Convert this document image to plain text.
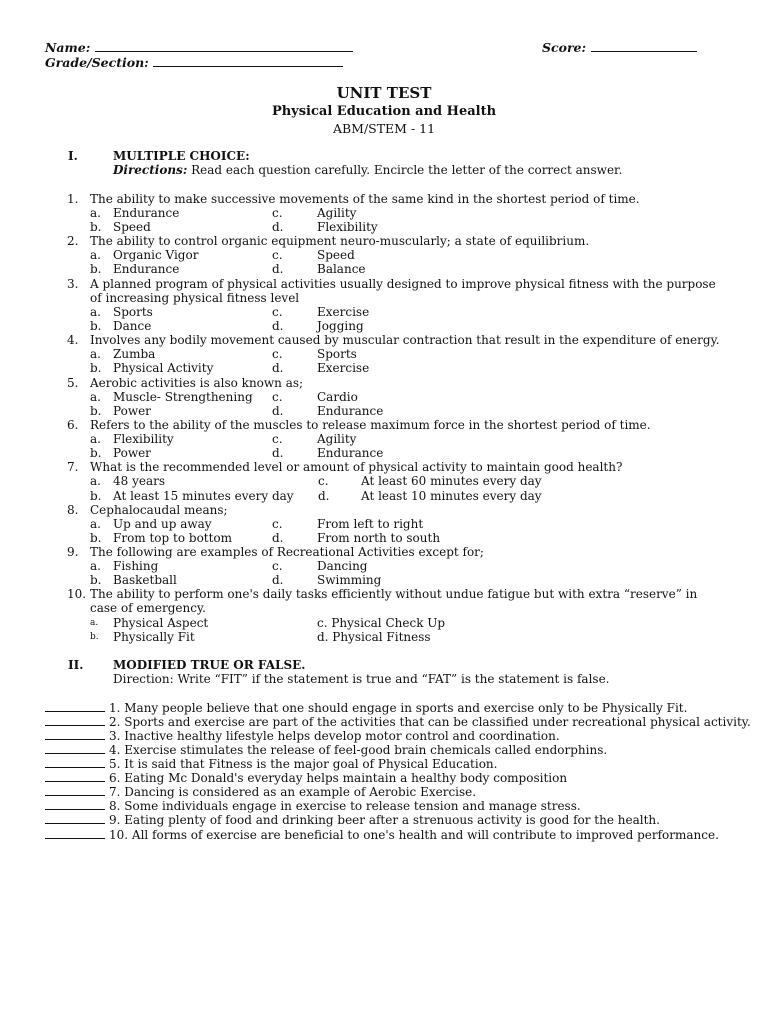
Name:	Score:
Grade/Section:
UNIT TEST
Physical Education and Health
ABM/STEM - 11
I.	MULTIPLE CHOICE:
Directions: Read each question carefully. Encircle the letter of the correct answer.
1. The ability to make successive movements of the same kind in the shortest period of time.
a. Endurance	c.	Agility
b. Speed	d.	Flexibility
2. The ability to control organic equipment neuro-muscularly; a state of equilibrium.
a. Organic Vigor	c.	Speed
b. Endurance	d.	Balance
3. A planned program of physical activities usually designed to improve physical fitness with the purpose of increasing physical fitness level
a. Sports	c.	Exercise
b. Dance	d.	Jogging
4. Involves any bodily movement caused by muscular contraction that result in the expenditure of energy.
a. Zumba	c.	Sports
b. Physical Activity	d.	Exercise
5. Aerobic activities is also known as;
a. Muscle- Strengthening c.	Cardio
b. Power	d.	Endurance
6. Refers to the ability of the muscles to release maximum force in the shortest period of time.
a. Flexibility	c.	Agility
b. Power	d.	Endurance
7. What is the recommended level or amount of physical activity to maintain good health?
a. 48 years	c.	At least 60 minutes every day
b. At least 15 minutes every day d.	At least 10 minutes every day
8. Cephalocaudal means;
a. Up and up away	c.	From left to right
b. From top to bottom	d.	From north to south
9. The following are examples of Recreational Activities except for;
a. Fishing	c.	Dancing
b. Basketball	d.	Swimming
10. The ability to perform one's daily tasks efficiently without undue fatigue but with extra “reserve” in case of emergency.
a. Physical Aspect	c. Physical Check Up
b. Physically Fit	d. Physical Fitness
II. MODIFIED TRUE OR FALSE.
Direction: Write “FIT” if the statement is true and “FAT” is the statement is false.
1. Many people believe that one should engage in sports and exercise only to be Physically Fit.
2. Sports and exercise are part of the activities that can be classified under recreational physical activity.
3. Inactive healthy lifestyle helps develop motor control and coordination.
4. Exercise stimulates the release of feel-good brain chemicals called endorphins.
5. It is said that Fitness is the major goal of Physical Education.
6. Eating Mc Donald's everyday helps maintain a healthy body composition
7. Dancing is considered as an example of Aerobic Exercise.
8. Some individuals engage in exercise to release tension and manage stress.
9. Eating plenty of food and drinking beer after a strenuous activity is good for the health.
10. All forms of exercise are beneficial to one's health and will contribute to improved performance.
